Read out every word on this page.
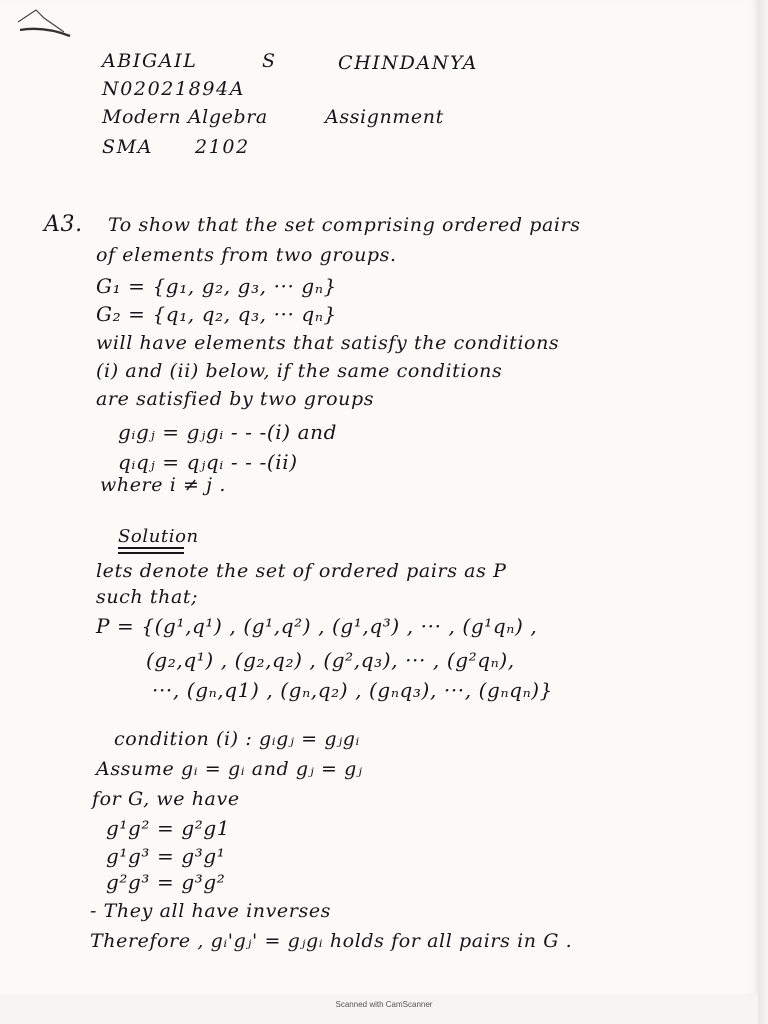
ABIGAIL	S	CHINDANYA
N02021894A
Modern Algebra	Assignment
SMA 2102
A3. To show that the set comprising ordered pairs
of elements from two groups.
G₁ = {g₁, g₂, g₃, ··· gₙ}
G₂ = {q₁, q₂, q₃, ··· qₙ}
will have elements that satisfy the conditions
(i) and (ii) below, if the same conditions
are satisfied by two groups
gᵢgⱼ = gⱼgᵢ - - -(i) and
qᵢqⱼ = qⱼqᵢ - - -(ii)
where i ≠ j .
Solution
lets denote the set of ordered pairs as P
such that;
P = {(g¹,q¹) , (g¹,q²) , (g¹,q³) , ··· , (g¹qₙ) ,
(g₂,q¹) , (g₂,q₂) , (g²,q₃), ··· , (g²qₙ),
···, (gₙ,q1) , (gₙ,q₂) , (gₙq₃), ···, (gₙqₙ)}
condition (i) : gᵢgⱼ = gⱼgᵢ
Assume gᵢ = gᵢ and gⱼ = gⱼ
for G, we have
g¹g² = g²g1
g¹g³ = g³g¹
g²g³ = g³g²
- They all have inverses
Therefore , gᵢ'gⱼ' = gⱼgᵢ holds for all pairs in G .
Scanned with CamScanner
